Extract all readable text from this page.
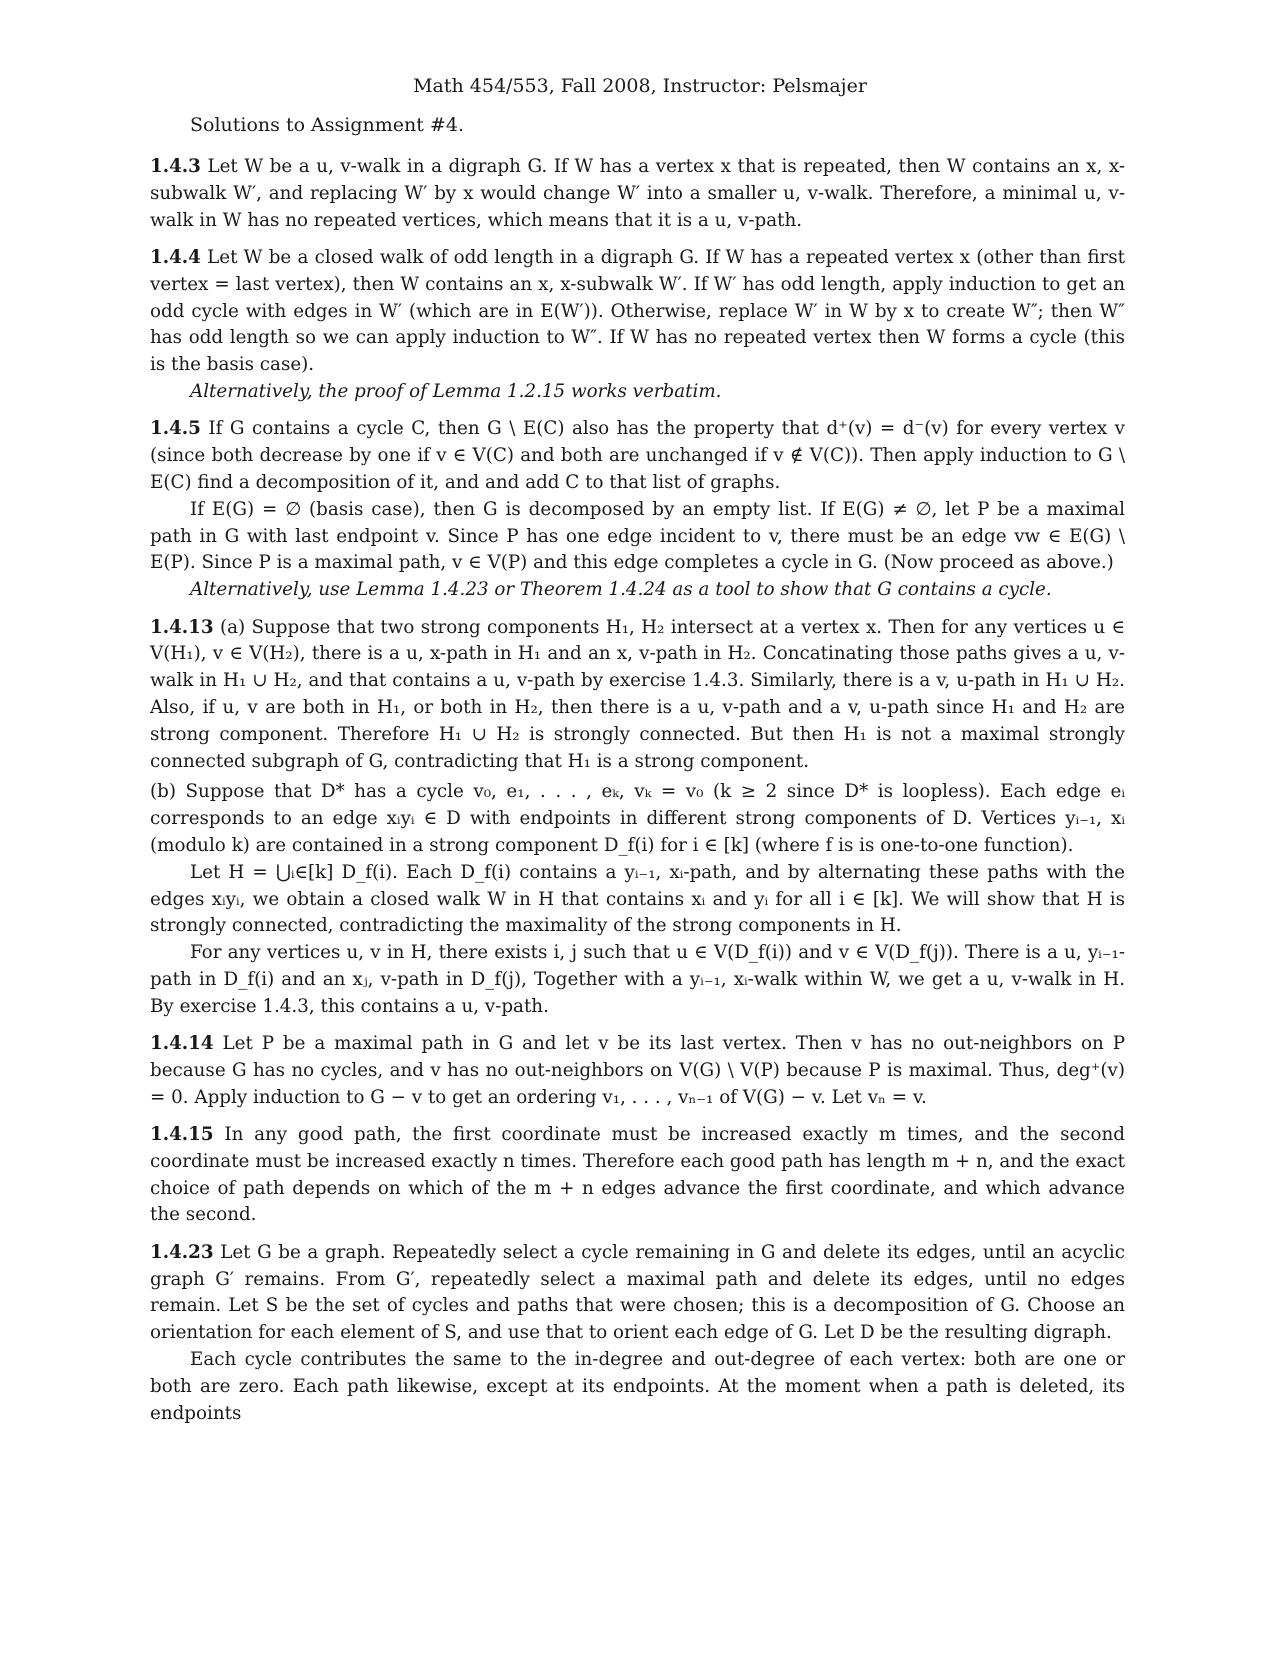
Math 454/553, Fall 2008, Instructor: Pelsmajer
Solutions to Assignment #4.

1.4.3 Let W be a u, v-walk in a digraph G. If W has a vertex x that is repeated, then W contains an x, x-subwalk W′, and replacing W′ by x would change W′ into a smaller u, v-walk. Therefore, a minimal u, v-walk in W has no repeated vertices, which means that it is a u, v-path.

1.4.4 Let W be a closed walk of odd length in a digraph G. If W has a repeated vertex x (other than first vertex = last vertex), then W contains an x, x-subwalk W′. If W′ has odd length, apply induction to get an odd cycle with edges in W′ (which are in E(W′)). Otherwise, replace W′ in W by x to create W″; then W″ has odd length so we can apply induction to W″. If W has no repeated vertex then W forms a cycle (this is the basis case).

Alternatively, the proof of Lemma 1.2.15 works verbatim.

1.4.5 If G contains a cycle C, then G \ E(C) also has the property that d⁺(v) = d⁻(v) for every vertex v (since both decrease by one if v ∈ V(C) and both are unchanged if v ∉ V(C)). Then apply induction to G \ E(C) find a decomposition of it, and and add C to that list of graphs.

If E(G) = ∅ (basis case), then G is decomposed by an empty list. If E(G) ≠ ∅, let P be a maximal path in G with last endpoint v. Since P has one edge incident to v, there must be an edge vw ∈ E(G) \ E(P). Since P is a maximal path, v ∈ V(P) and this edge completes a cycle in G. (Now proceed as above.)

Alternatively, use Lemma 1.4.23 or Theorem 1.4.24 as a tool to show that G contains a cycle.

1.4.13 (a) Suppose that two strong components H₁, H₂ intersect at a vertex x. Then for any vertices u ∈ V(H₁), v ∈ V(H₂), there is a u, x-path in H₁ and an x, v-path in H₂. Concatinating those paths gives a u, v-walk in H₁ ∪ H₂, and that contains a u, v-path by exercise 1.4.3. Similarly, there is a v, u-path in H₁ ∪ H₂. Also, if u, v are both in H₁, or both in H₂, then there is a u, v-path and a v, u-path since H₁ and H₂ are strong component. Therefore H₁ ∪ H₂ is strongly connected. But then H₁ is not a maximal strongly connected subgraph of G, contradicting that H₁ is a strong component.

(b) Suppose that D* has a cycle v₀, e₁, . . . , eₖ, vₖ = v₀ (k ≥ 2 since D* is loopless). Each edge eᵢ corresponds to an edge xᵢyᵢ ∈ D with endpoints in different strong components of D. Vertices yᵢ₋₁, xᵢ (modulo k) are contained in a strong component D_f(i) for i ∈ [k] (where f is is one-to-one function).

Let H = ⋃ᵢ∈[k] D_f(i). Each D_f(i) contains a yᵢ₋₁, xᵢ-path, and by alternating these paths with the edges xᵢyᵢ, we obtain a closed walk W in H that contains xᵢ and yᵢ for all i ∈ [k]. We will show that H is strongly connected, contradicting the maximality of the strong components in H.

For any vertices u, v in H, there exists i, j such that u ∈ V(D_f(i)) and v ∈ V(D_f(j)). There is a u, yᵢ₋₁-path in D_f(i) and an xⱼ, v-path in D_f(j), Together with a yᵢ₋₁, xᵢ-walk within W, we get a u, v-walk in H. By exercise 1.4.3, this contains a u, v-path.

1.4.14 Let P be a maximal path in G and let v be its last vertex. Then v has no out-neighbors on P because G has no cycles, and v has no out-neighbors on V(G) \ V(P) because P is maximal. Thus, deg⁺(v) = 0. Apply induction to G − v to get an ordering v₁, . . . , vₙ₋₁ of V(G) − v. Let vₙ = v.

1.4.15 In any good path, the first coordinate must be increased exactly m times, and the second coordinate must be increased exactly n times. Therefore each good path has length m + n, and the exact choice of path depends on which of the m + n edges advance the first coordinate, and which advance the second.

1.4.23 Let G be a graph. Repeatedly select a cycle remaining in G and delete its edges, until an acyclic graph G′ remains. From G′, repeatedly select a maximal path and delete its edges, until no edges remain. Let S be the set of cycles and paths that were chosen; this is a decomposition of G. Choose an orientation for each element of S, and use that to orient each edge of G. Let D be the resulting digraph.

Each cycle contributes the same to the in-degree and out-degree of each vertex: both are one or both are zero. Each path likewise, except at its endpoints. At the moment when a path is deleted, its endpoints
